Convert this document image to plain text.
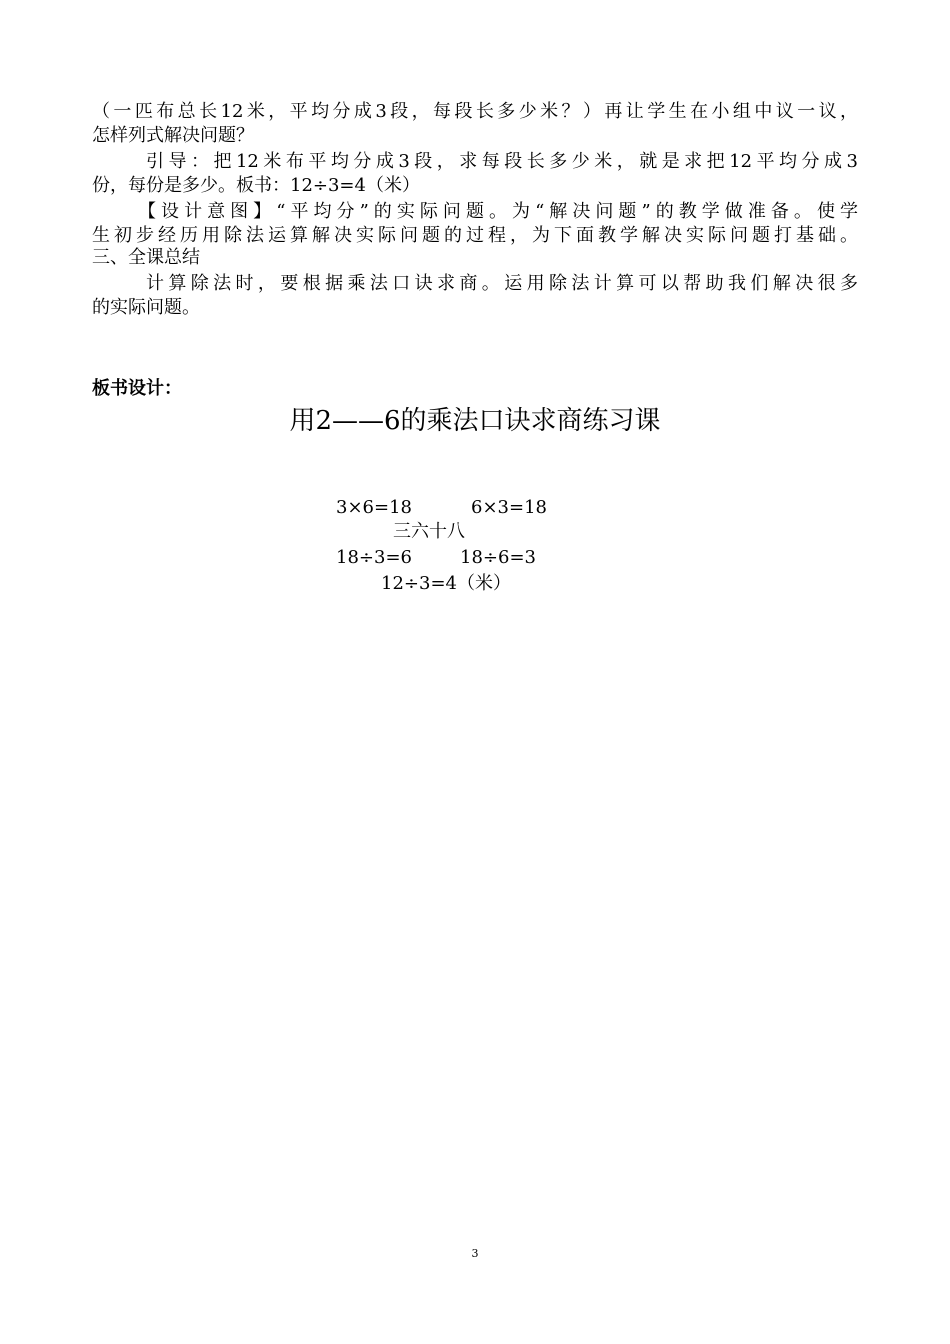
（一匹布总长12米，平均分成3段，每段长多少米？）再让学生在小组中议一议，
怎样列式解决问题？
引导：把12米布平均分成3段，求每段长多少米，就是求把12平均分成3
份，每份是多少。板书：12÷3=4（米）
【设计意图】“平均分”的实际问题。为“解决问题”的教学做准备。使学
生初步经历用除法运算解决实际问题的过程，为下面教学解决实际问题打基础。
三、全课总结
计算除法时，要根据乘法口诀求商。运用除法计算可以帮助我们解决很多
的实际问题。
板书设计：
用2——6的乘法口诀求商练习课
3×6=18	6×3=18
三六十八
18÷3=6	18÷6=3
12÷3=4（米）
3
